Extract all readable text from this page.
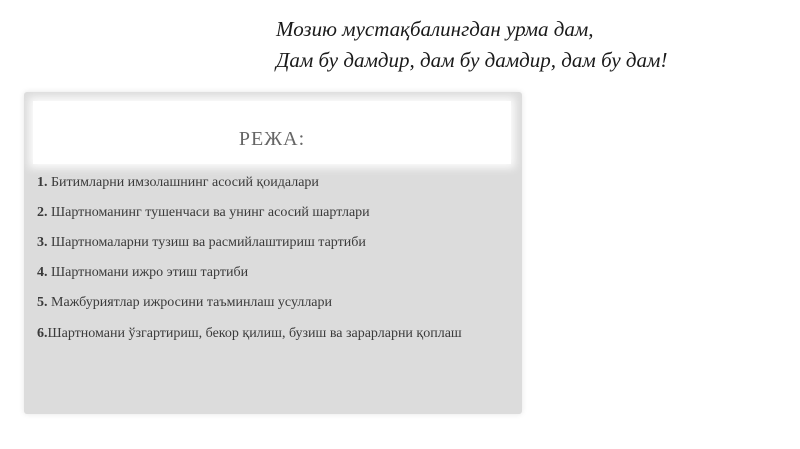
Мозию мустақбалингдан урма дам,
Дам бу дамдир, дам бу дамдир, дам бу дам!
РЕЖА:
1. Битимларни имзолашнинг асосий қоидалари
2. Шартноманинг тушенчаси ва унинг асосий шартлари
3. Шартномаларни тузиш ва расмийлаштириш тартиби
4. Шартномани ижро этиш тартиби
5. Мажбуриятлар ижросини таъминлаш усуллари
6.Шартномани ўзгартириш, бекор қилиш, бузиш ва зарарларни қоплаш
